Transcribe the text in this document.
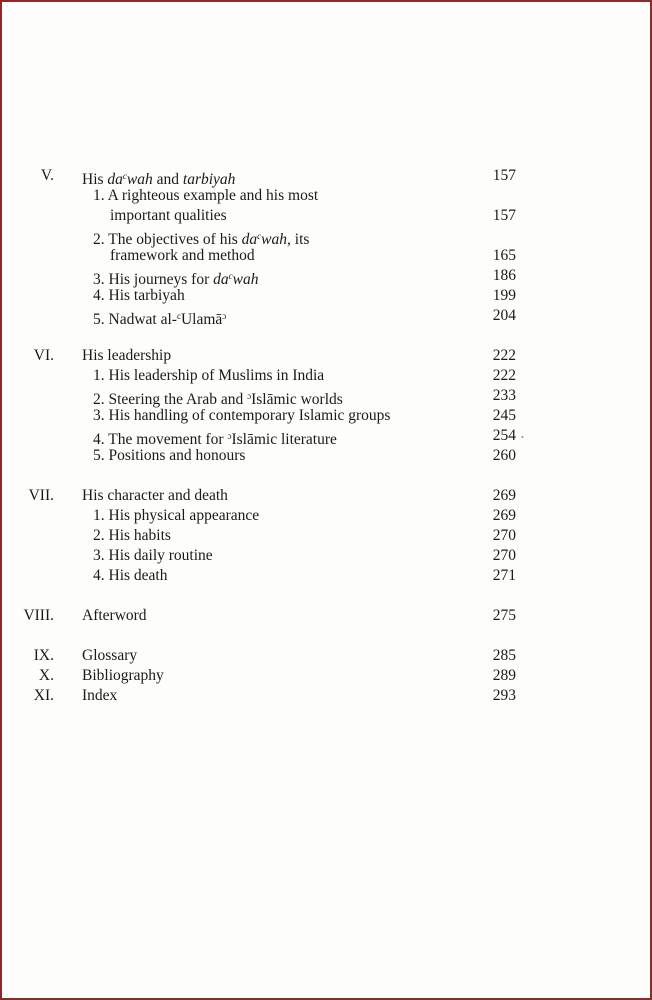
V. His $da^cwah$ and tarbiyah	157
1. A righteous example and his most
important qualities	157
2. The objectives of his $da^cwah$, its
framework and method	165
3. His journeys for $da^cwah$	186
4. His tarbiyah	199
5. Nadwat al-$^c$Ulamā$^ɔ$	204
VI. His leadership	222
1. His leadership of Muslims in India	222
2. Steering the Arab and $^ɔ$Islāmic worlds	233
3. His handling of contemporary Islamic groups	245
4. The movement for $^ɔ$Islāmic literature	254
5. Positions and honours	260
VII. His character and death	269
1. His physical appearance	269
2. His habits	270
3. His daily routine	270
4. His death	271
VIII. Afterword	275
IX. Glossary	285
X. Bibliography	289
XI. Index	293
•
